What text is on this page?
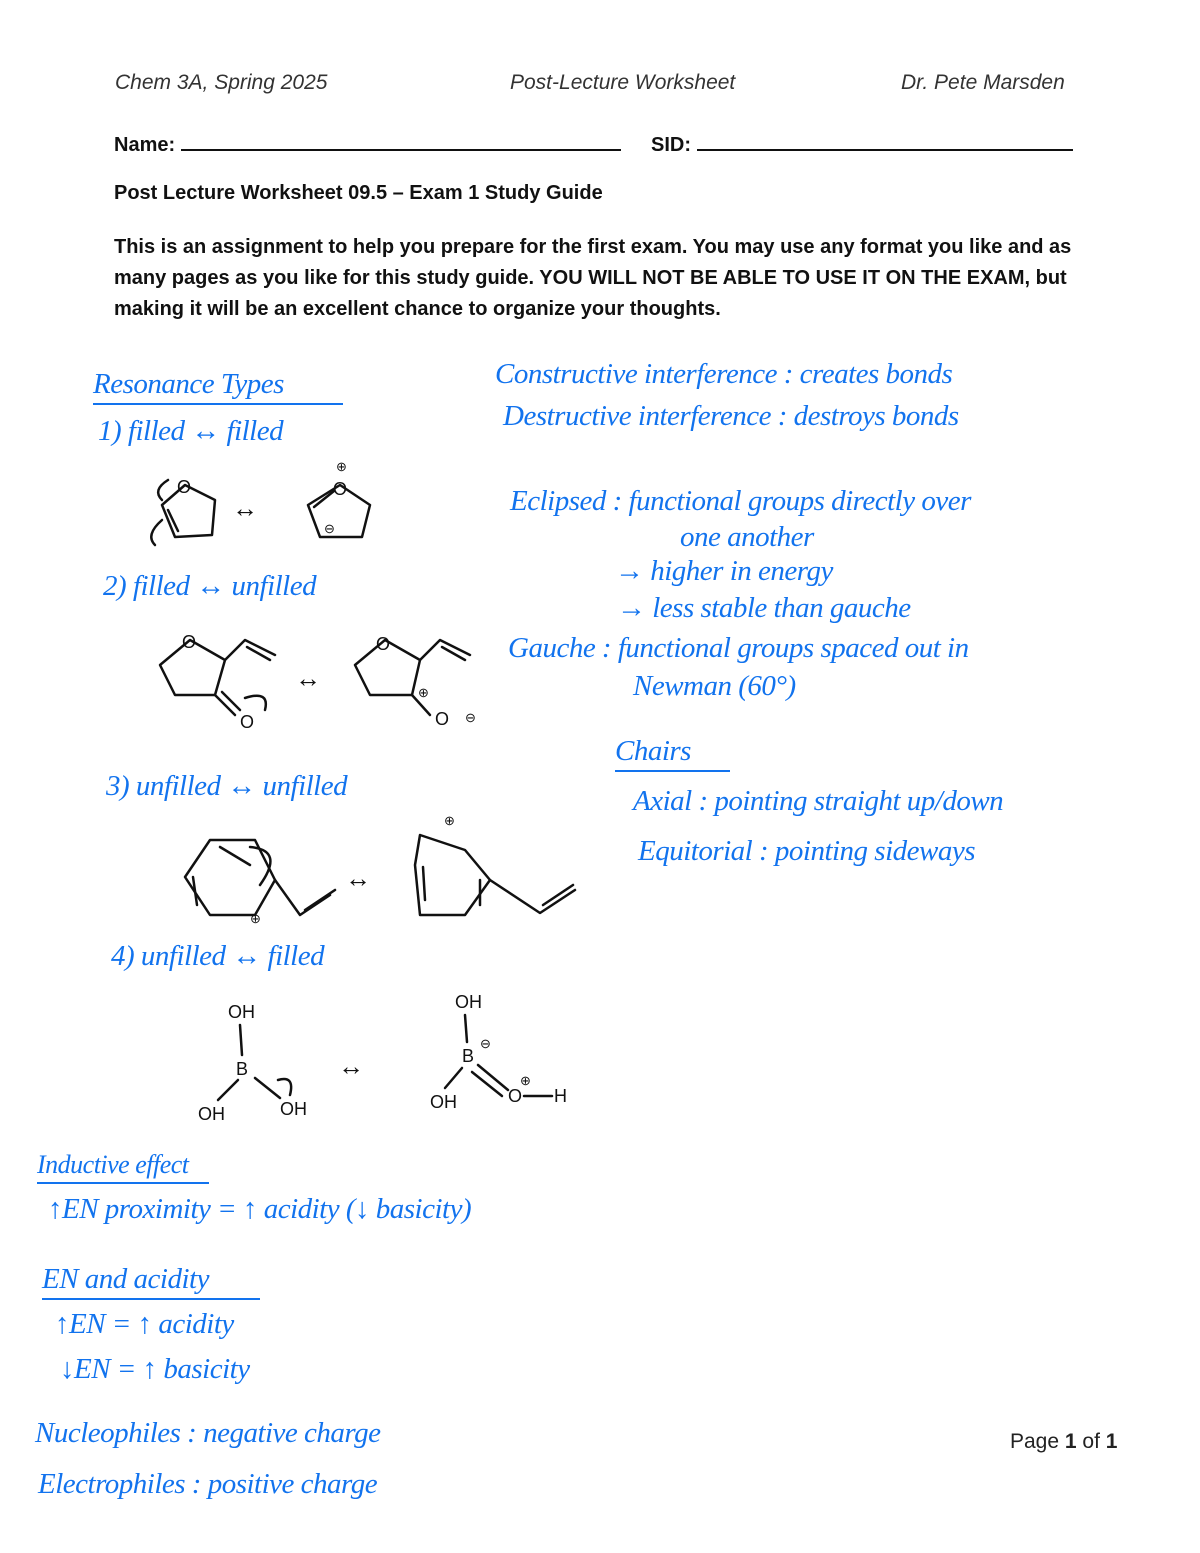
Chem 3A, Spring 2025	Post-Lecture Worksheet	Dr. Pete Marsden
Name:	SID:
Post Lecture Worksheet 09.5 – Exam 1 Study Guide
This is an assignment to help you prepare for the first exam. You may use any format you like and as many pages as you like for this study guide. YOU WILL NOT BE ABLE TO USE IT ON THE EXAM, but making it will be an excellent chance to organize your thoughts.
Resonance Types
1) filled ↔ filled
2) filled ↔ unfilled
3) unfilled ↔ unfilled
4) unfilled ↔ filled
O
↔
O
⊕
⊖
O
O
↔
O
O
⊕
⊖
⊕
↔
⊕
OH
B
OH	OH
↔
OH
B
⊖
OH	O
⊕
H
Inductive effect
↑EN proximity = ↑ acidity (↓ basicity)
EN and acidity
↑EN = ↑ acidity
↓EN = ↑ basicity
Nucleophiles : negative charge
Electrophiles : positive charge
Constructive interference : creates bonds
Destructive interference : destroys bonds
Eclipsed : functional groups directly over
one another
→ higher in energy
→ less stable than gauche
Gauche : functional groups spaced out in
Newman (60°)
Chairs
Axial : pointing straight up/down
Equitorial : pointing sideways
Page 1 of 1
